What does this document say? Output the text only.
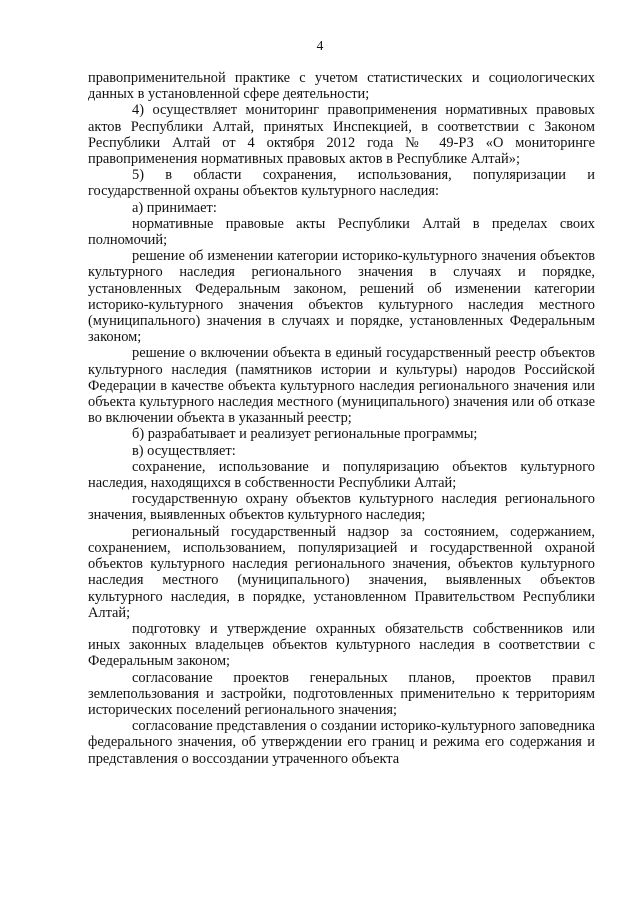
4

правоприменительной практике с учетом статистических и социологических данных в установленной сфере деятельности;

4) осуществляет мониторинг правоприменения нормативных правовых актов Республики Алтай, принятых Инспекцией, в соответствии с Законом Республики Алтай от 4 октября 2012 года № 49-РЗ «О мониторинге правоприменения нормативных правовых актов в Республике Алтай»;

5) в области сохранения, использования, популяризации и государственной охраны объектов культурного наследия:

а) принимает:

нормативные правовые акты Республики Алтай в пределах своих полномочий;

решение об изменении категории историко-культурного значения объектов культурного наследия регионального значения в случаях и порядке, установленных Федеральным законом, решений об изменении категории историко-культурного значения объектов культурного наследия местного (муниципального) значения в случаях и порядке, установленных Федеральным законом;

решение о включении объекта в единый государственный реестр объектов культурного наследия (памятников истории и культуры) народов Российской Федерации в качестве объекта культурного наследия регионального значения или объекта культурного наследия местного (муниципального) значения или об отказе во включении объекта в указанный реестр;

б) разрабатывает и реализует региональные программы;

в) осуществляет:

сохранение, использование и популяризацию объектов культурного наследия, находящихся в собственности Республики Алтай;

государственную охрану объектов культурного наследия регионального значения, выявленных объектов культурного наследия;

региональный государственный надзор за состоянием, содержанием, сохранением, использованием, популяризацией и государственной охраной объектов культурного наследия регионального значения, объектов культурного наследия местного (муниципального) значения, выявленных объектов культурного наследия, в порядке, установленном Правительством Республики Алтай;

подготовку и утверждение охранных обязательств собственников или иных законных владельцев объектов культурного наследия в соответствии с Федеральным законом;

согласование проектов генеральных планов, проектов правил землепользования и застройки, подготовленных применительно к территориям исторических поселений регионального значения;

согласование представления о создании историко-культурного заповедника федерального значения, об утверждении его границ и режима его содержания и представления о воссоздании утраченного объекта
